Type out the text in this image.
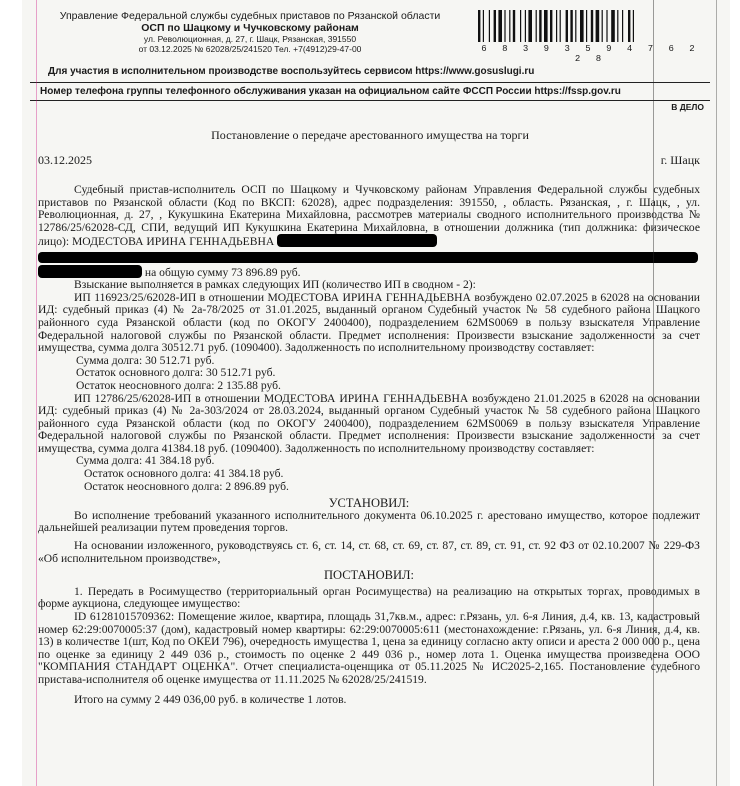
Управление Федеральной службы судебных приставов по Рязанской области
ОСП по Шацкому и Чучковскому районам
ул. Революционная, д. 27, г. Шацк, Рязанская, 391550
от 03.12.2025 № 62028/25/241520 Тел. +7(4912)29-47-00	6 8 3 9 3 5 9 4 7 6 2 2 8
Для участия в исполнительном производстве воспользуйтесь сервисом https://www.gosuslugi.ru
Номер телефона группы телефонного обслуживания указан на официальном сайте ФССП России https://fssp.gov.ru
В ДЕЛО
Постановление о передаче арестованного имущества на торги
03.12.2025	г. Шацк

Судебный пристав-исполнитель ОСП по Шацкому и Чучковскому районам Управления Федеральной службы судебных приставов по Рязанской области (Код по ВКСП: 62028), адрес подразделения: 391550, , область. Рязанская, , г. Шацк, , ул. Революционная, д. 27, , Кукушкина Екатерина Михайловна, рассмотрев материалы сводного исполнительного производства № 12786/25/62028-СД, СПИ, ведущий ИП Кукушкина Екатерина Михайловна, в отношении должника (тип должника: физическое лицо): МОДЕСТОВА ИРИНА ГЕННАДЬЕВНА

на общую сумму 73 896.89 руб.

Взыскание выполняется в рамках следующих ИП (количество ИП в сводном - 2):

ИП 116923/25/62028-ИП в отношении МОДЕСТОВА ИРИНА ГЕННАДЬЕВНА возбуждено 02.07.2025 в 62028 на основании ИД: судебный приказ (4) № 2а-78/2025 от 31.01.2025, выданный органом Судебный участок № 58 судебного района Шацкого районного суда Рязанской области (код по ОКОГУ 2400400), подразделением 62MS0069 в пользу взыскателя Управление Федеральной налоговой службы по Рязанской области. Предмет исполнения: Произвести взыскание задолженности за счет имущества, сумма долга 30512.71 руб. (1090400). Задолженность по исполнительному производству составляет:

Сумма долга: 30 512.71 руб.

Остаток основного долга: 30 512.71 руб.

Остаток неосновного долга: 2 135.88 руб.

ИП 12786/25/62028-ИП в отношении МОДЕСТОВА ИРИНА ГЕННАДЬЕВНА возбуждено 21.01.2025 в 62028 на основании ИД: судебный приказ (4) № 2а-303/2024 от 28.03.2024, выданный органом Судебный участок № 58 судебного района Шацкого районного суда Рязанской области (код по ОКОГУ 2400400), подразделением 62MS0069 в пользу взыскателя Управление Федеральной налоговой службы по Рязанской области. Предмет исполнения: Произвести взыскание задолженности за счет имущества, сумма долга 41384.18 руб. (1090400). Задолженность по исполнительному производству составляет:

Сумма долга: 41 384.18 руб.

Остаток основного долга: 41 384.18 руб.

Остаток неосновного долга: 2 896.89 руб.

УСТАНОВИЛ:

Во исполнение требований указанного исполнительного документа 06.10.2025 г. арестовано имущество, которое подлежит дальнейшей реализации путем проведения торгов.

На основании изложенного, руководствуясь ст. 6, ст. 14, ст. 68, ст. 69, ст. 87, ст. 89, ст. 91, ст. 92 ФЗ от 02.10.2007 № 229-ФЗ «Об исполнительном производстве»,

ПОСТАНОВИЛ:

1. Передать в Росимущество (территориальный орган Росимущества) на реализацию на открытых торгах, проводимых в форме аукциона, следующее имущество:

ID 61281015709362: Помещение жилое, квартира, площадь 31,7кв.м., адрес: г.Рязань, ул. 6-я Линия, д.4, кв. 13, кадастровый номер 62:29:0070005:37 (дом), кадастровый номер квартиры: 62:29:0070005:611 (местонахождение: г.Рязань, ул. 6-я Линия, д.4, кв. 13) в количестве 1(шт, Код по ОКЕИ 796), очередность имущества 1, цена за единицу согласно акту описи и ареста 2 000 000 р., цена по оценке за единицу 2 449 036 р., стоимость по оценке 2 449 036 р., номер лота 1. Оценка имущества произведена ООО "КОМПАНИЯ СТАНДАРТ ОЦЕНКА". Отчет специалиста-оценщика от 05.11.2025 № ИС2025-2,165. Постановление судебного пристава-исполнителя об оценке имущества от 11.11.2025 № 62028/25/241519.

Итого на сумму 2 449 036,00 руб. в количестве 1 лотов.
